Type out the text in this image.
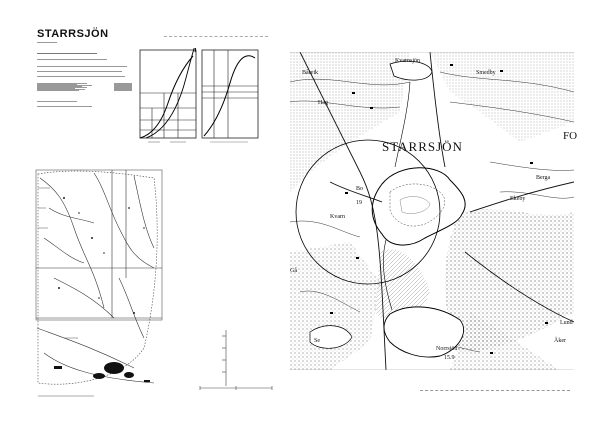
STARRSJÖN
Kvarnsjön
STARRSJÖN
Båtvik
Hag
Smedby
FO
Berga
Ekeby
Bo
19
Kvarn
Lund
Åker
Se
Gå
Norrsjön
15.9
